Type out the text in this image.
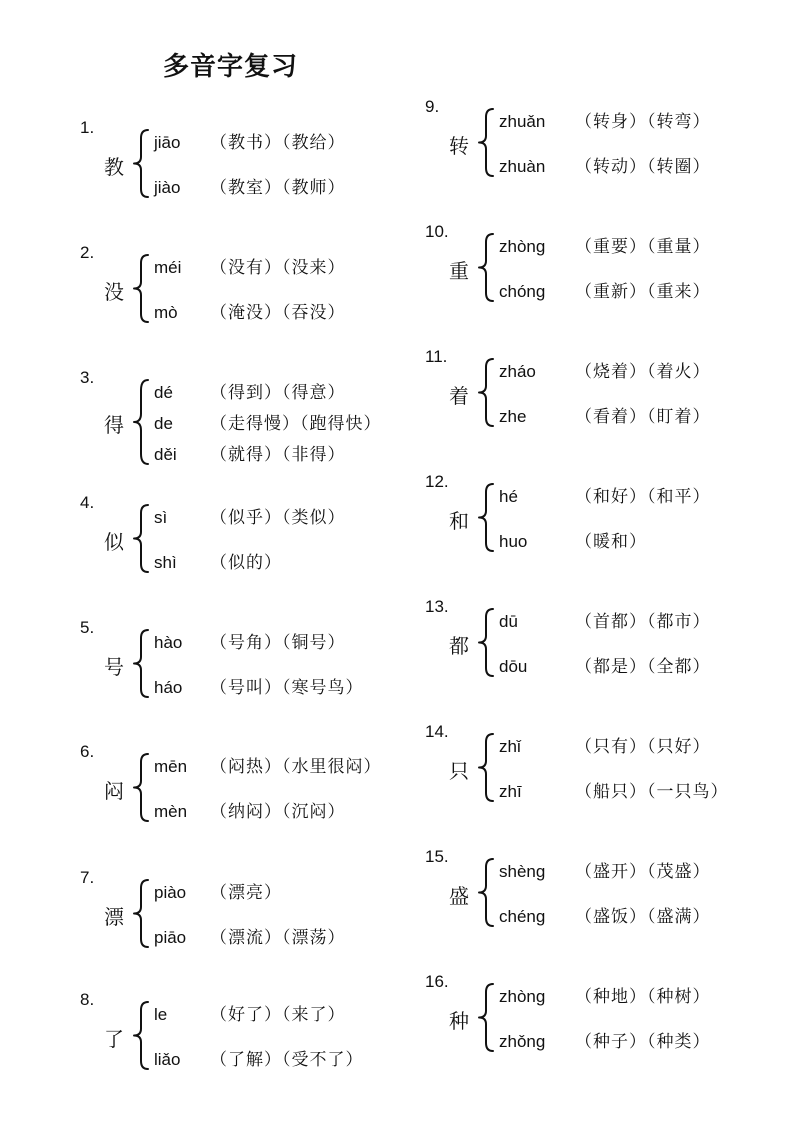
多音字复习
1.
教
jiāo （教书）（教给）
jiào （教室）（教师）
2.
没
méi （没有）（没来）
mò （淹没）（吞没）
3.
得
dé （得到）（得意）
de （走得慢）（跑得快）
děi （就得）（非得）
4.
似
sì	（似乎）（类似）
shì （似的）
5.
号
hào （号角）（铜号）
háo （号叫）（寒号鸟）
6.
闷
mēn （闷热）（水里很闷）
mèn （纳闷）（沉闷）
7.
漂
piào （漂亮）
piāo （漂流）（漂荡）
8.
了
le	（好了）（来了）
liǎo （了解）（受不了）
9.
转
zhuǎn （转身）（转弯）
zhuàn （转动）（转圈）
10.
重
zhòng （重要）（重量）
chóng （重新）（重来）
11.
着
zháo （烧着）（着火）
zhe	（看着）（盯着）
12.
和
hé	（和好）（和平）
huo	（暖和）
13.
都
dū	（首都）（都市）
dōu	（都是）（全都）
14.
只
zhǐ	（只有）（只好）
zhī	（船只）（一只鸟）
15.
盛
shèng （盛开）（茂盛）
chéng （盛饭）（盛满）
16.
种
zhòng （种地）（种树）
zhǒng （种子）（种类）
